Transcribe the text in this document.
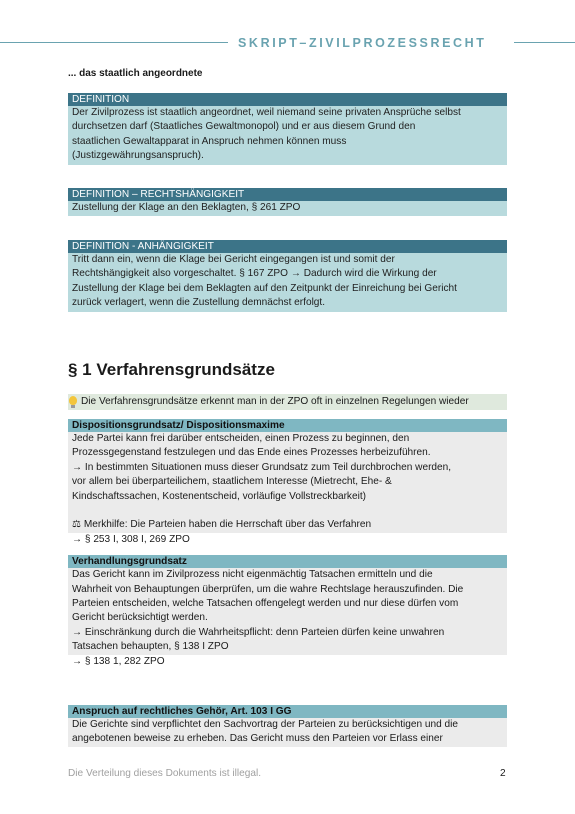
SKRIPT–ZIVILPROZESSRECHT
... das staatlich angeordnete
DEFINITION
Der Zivilprozess ist staatlich angeordnet, weil niemand seine privaten Ansprüche selbst
durchsetzen darf (Staatliches Gewaltmonopol) und er aus diesem Grund den
staatlichen Gewaltapparat in Anspruch nehmen können muss
(Justizgewährungsanspruch).
DEFINITION – RECHTSHÄNGIGKEIT
Zustellung der Klage an den Beklagten, § 261 ZPO
DEFINITION - ANHÄNGIGKEIT
Tritt dann ein, wenn die Klage bei Gericht eingegangen ist und somit der
Rechtshängigkeit also vorgeschaltet. § 167 ZPO → Dadurch wird die Wirkung der
Zustellung der Klage bei dem Beklagten auf den Zeitpunkt der Einreichung bei Gericht
zurück verlagert, wenn die Zustellung demnächst erfolgt.
§ 1 Verfahrensgrundsätze
Die Verfahrensgrundsätze erkennt man in der ZPO oft in einzelnen Regelungen wieder
Dispositionsgrundsatz/ Dispositionsmaxime
Jede Partei kann frei darüber entscheiden, einen Prozess zu beginnen, den
Prozessgegenstand festzulegen und das Ende eines Prozesses herbeizuführen.
→ In bestimmten Situationen muss dieser Grundsatz zum Teil durchbrochen werden,
vor allem bei überparteilichem, staatlichem Interesse (Mietrecht, Ehe- &
Kindschaftssachen, Kostenentscheid, vorläufige Vollstreckbarkeit)
⚖ Merkhilfe: Die Parteien haben die Herrschaft über das Verfahren
→ § 253 I, 308 I, 269 ZPO
Verhandlungsgrundsatz
Das Gericht kann im Zivilprozess nicht eigenmächtig Tatsachen ermitteln und die
Wahrheit von Behauptungen überprüfen, um die wahre Rechtslage herauszufinden. Die
Parteien entscheiden, welche Tatsachen offengelegt werden und nur diese dürfen vom
Gericht berücksichtigt werden.
→ Einschränkung durch die Wahrheitspflicht: denn Parteien dürfen keine unwahren
Tatsachen behaupten, § 138 I ZPO
→ § 138 1, 282 ZPO
Anspruch auf rechtliches Gehör, Art. 103 I GG
Die Gerichte sind verpflichtet den Sachvortrag der Parteien zu berücksichtigen und die
angebotenen beweise zu erheben. Das Gericht muss den Parteien vor Erlass einer
Die Verteilung dieses Dokuments ist illegal.	2
